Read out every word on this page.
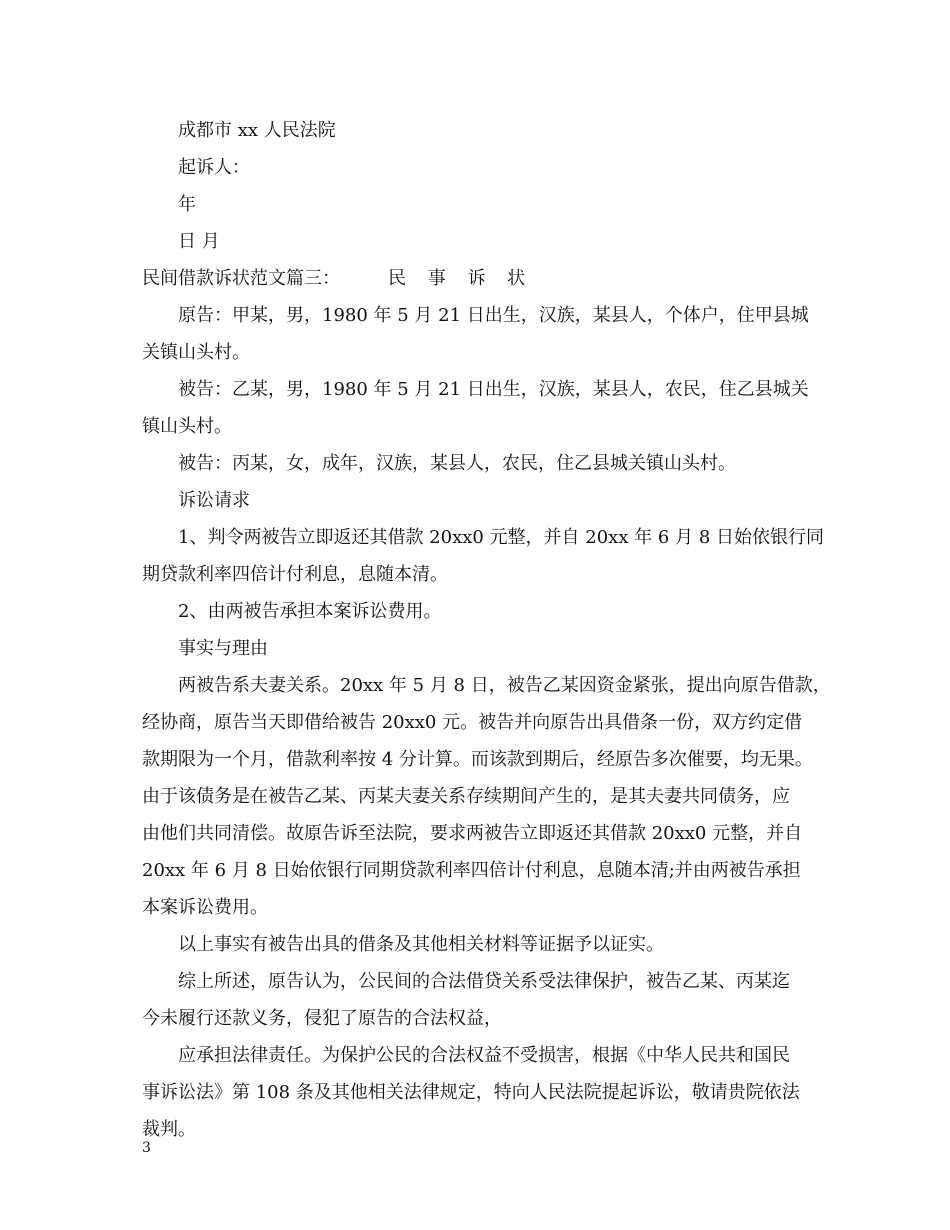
成都市 xx 人民法院
起诉人：
年
日 月
民间借款诉状范文篇三：	民 事 诉 状
原告：甲某，男，1980 年 5 月 21 日出生，汉族，某县人，个体户，住甲县城
关镇山头村。
被告：乙某，男，1980 年 5 月 21 日出生，汉族，某县人，农民，住乙县城关
镇山头村。
被告：丙某，女，成年，汉族，某县人，农民，住乙县城关镇山头村。
诉讼请求
1、判令两被告立即返还其借款 20xx0 元整，并自 20xx 年 6 月 8 日始依银行同
期贷款利率四倍计付利息，息随本清。
2、由两被告承担本案诉讼费用。
事实与理由
两被告系夫妻关系。20xx 年 5 月 8 日，被告乙某因资金紧张，提出向原告借款，
经协商，原告当天即借给被告 20xx0 元。被告并向原告出具借条一份，双方约定借
款期限为一个月，借款利率按 4 分计算。而该款到期后，经原告多次催要，均无果。
由于该债务是在被告乙某、丙某夫妻关系存续期间产生的，是其夫妻共同债务，应
由他们共同清偿。故原告诉至法院，要求两被告立即返还其借款 20xx0 元整，并自
20xx 年 6 月 8 日始依银行同期贷款利率四倍计付利息，息随本清;并由两被告承担
本案诉讼费用。
以上事实有被告出具的借条及其他相关材料等证据予以证实。
综上所述，原告认为，公民间的合法借贷关系受法律保护，被告乙某、丙某迄
今未履行还款义务，侵犯了原告的合法权益，
应承担法律责任。为保护公民的合法权益不受损害，根据《中华人民共和国民
事诉讼法》第 108 条及其他相关法律规定，特向人民法院提起诉讼，敬请贵院依法
裁判。
3
